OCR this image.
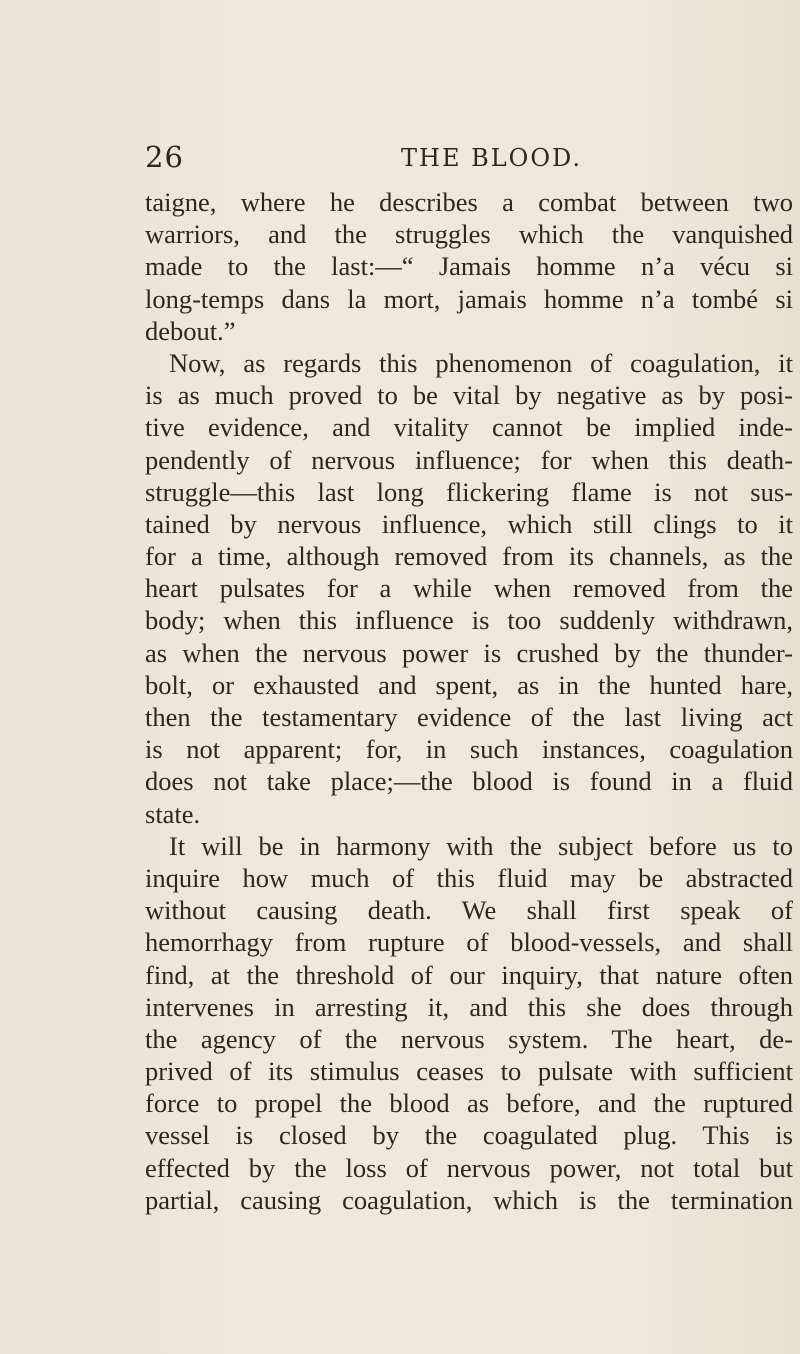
26	THE BLOOD.
taigne, where he describes a combat between two
warriors, and the struggles which the vanquished
made to the last:—“ Jamais homme n’a vécu si
long-temps dans la mort, jamais homme n’a tombé si
debout.”
Now, as regards this phenomenon of coagulation, it
is as much proved to be vital by negative as by posi-
tive evidence, and vitality cannot be implied inde-
pendently of nervous influence; for when this death-
struggle—this last long flickering flame is not sus-
tained by nervous influence, which still clings to it
for a time, although removed from its channels, as the
heart pulsates for a while when removed from the
body; when this influence is too suddenly withdrawn,
as when the nervous power is crushed by the thunder-
bolt, or exhausted and spent, as in the hunted hare,
then the testamentary evidence of the last living act
is not apparent; for, in such instances, coagulation
does not take place;—the blood is found in a fluid
state.
It will be in harmony with the subject before us to
inquire how much of this fluid may be abstracted
without causing death. We shall first speak of
hemorrhagy from rupture of blood-vessels, and shall
find, at the threshold of our inquiry, that nature often
intervenes in arresting it, and this she does through
the agency of the nervous system. The heart, de-
prived of its stimulus ceases to pulsate with sufficient
force to propel the blood as before, and the ruptured
vessel is closed by the coagulated plug. This is
effected by the loss of nervous power, not total but
partial, causing coagulation, which is the termination
